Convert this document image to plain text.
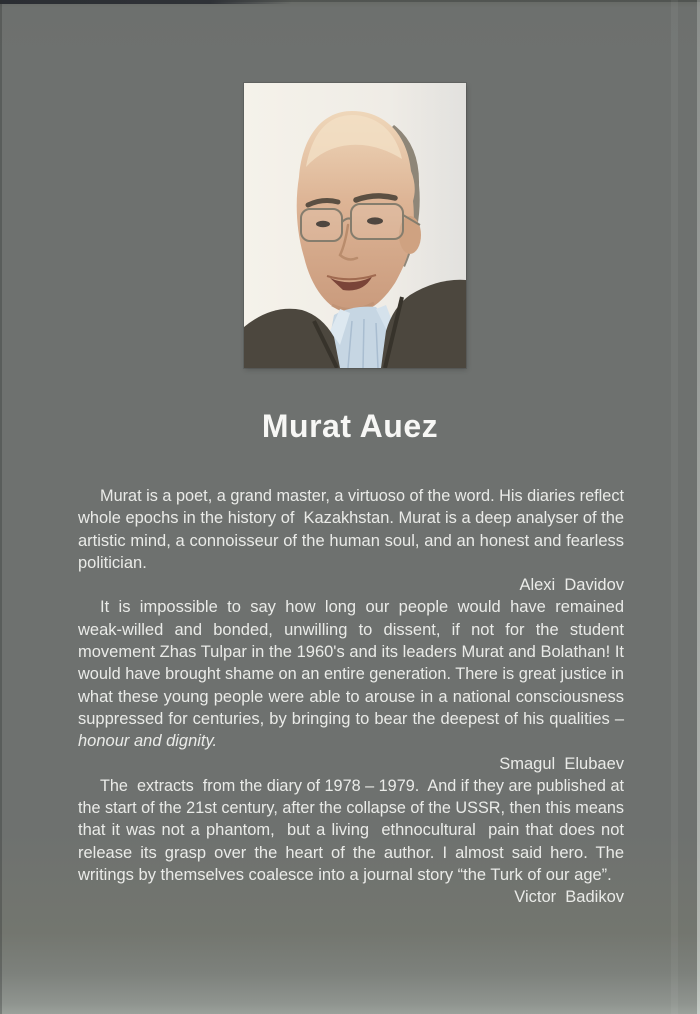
Murat Auez
Murat is a poet, a grand master, a virtuoso of the word. His diaries reflect
whole epochs in the history of  Kazakhstan. Murat is a deep analyser of the
artistic mind, a connoisseur of the human soul, and an honest and fearless
politician.
Alexi  Davidov
It is impossible to say how long our people would have remained
weak-willed and bonded, unwilling to dissent, if not for the student
movement Zhas Tulpar in the 1960's and its leaders Murat and Bolathan! It
would have brought shame on an entire generation. There is great justice in
what these young people were able to arouse in a national consciousness
suppressed for centuries, by bringing to bear the deepest of his qualities –
honour and dignity.
Smagul  Elubaev
The  extracts  from the diary of 1978 – 1979.  And if they are published at
the start of the 21st century, after the collapse of the USSR, then this means
that it was not a phantom,  but a living  ethnocultural  pain that does not
release its grasp over the heart of the author. I almost said hero. The
writings by themselves coalesce into a journal story “the Turk of our age”.
Victor  Badikov
